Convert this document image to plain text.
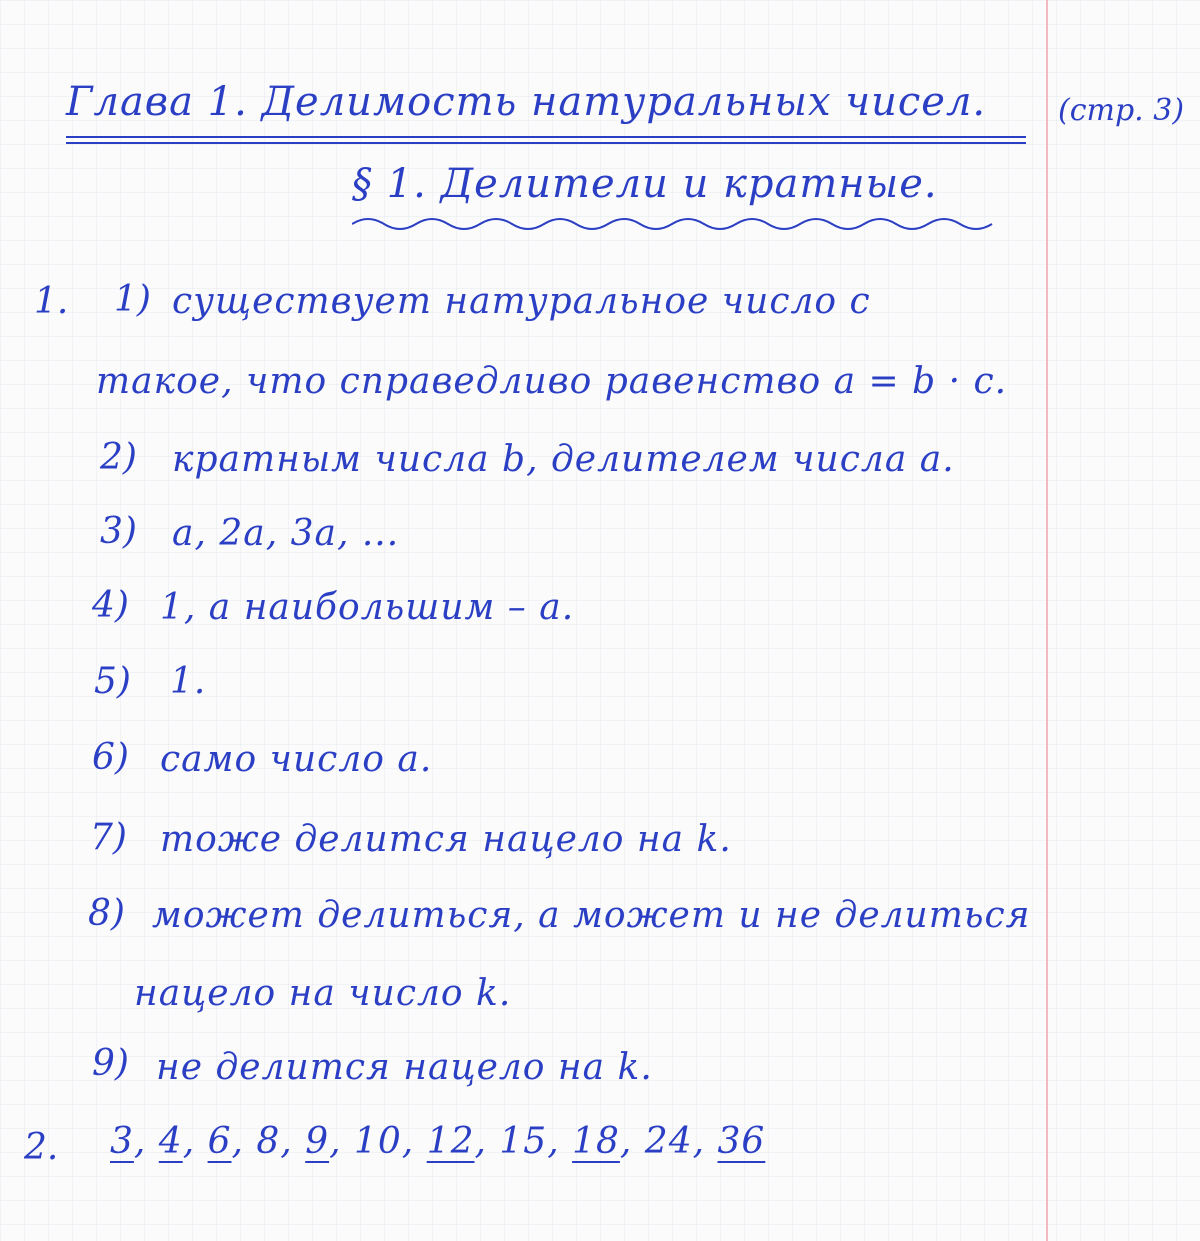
Глава 1. Делимость натуральных чисел. (стр. 3)
§ 1. Делители и кратные.
1. 1) существует натуральное число c
такое, что справедливо равенство a = b · c.
2) кратным числа b, делителем числа a.
3) a, 2a, 3a, ...
4) 1, а наибольшим – a.
5) 1.
6) само число a.
7) тоже делится нацело на k.
8) может делиться, а может и не делиться
нацело на число k.
9) не делится нацело на k.
2. 3, 4, 6, 8, 9, 10, 12, 15, 18, 24, 36
